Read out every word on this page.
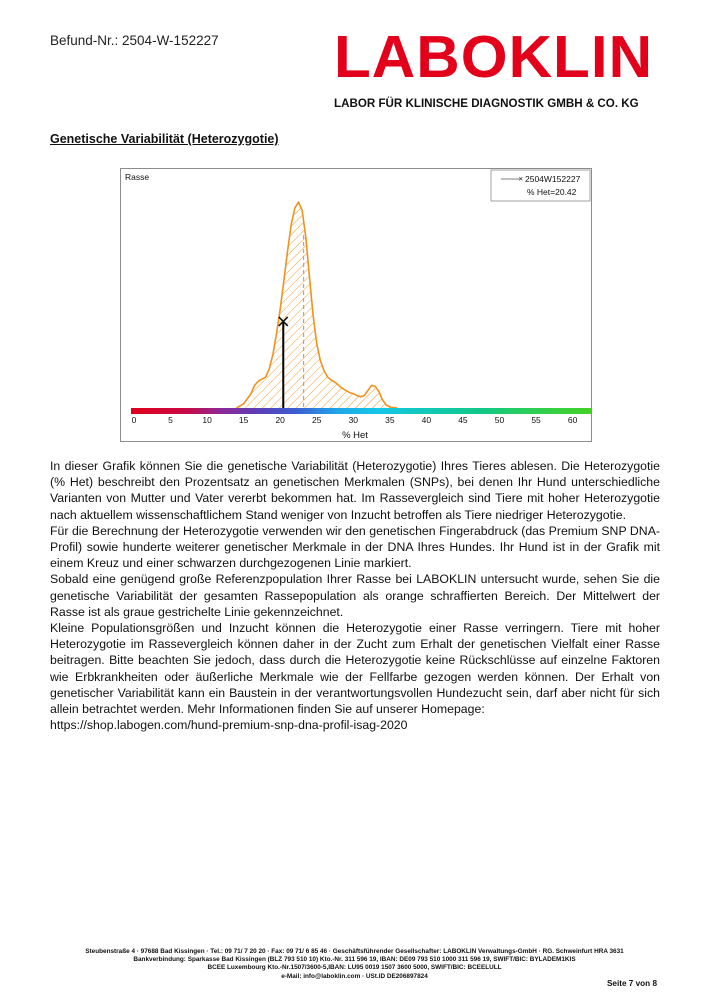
Befund-Nr.: 2504-W-152227 LABOKLIN
LABOR FÜR KLINISCHE DIAGNOSTIK GMBH & CO. KG
Genetische Variabilität (Heterozygotie)
Rasse	× 2504W152227
% Het=20.42
0	5	10	15	20	25	30	35	40	45	50	55	60
% Het

In dieser Grafik können Sie die genetische Variabilität (Heterozygotie) Ihres Tieres ablesen. Die Heterozygotie (% Het) beschreibt den Prozentsatz an genetischen Merkmalen (SNPs), bei denen Ihr Hund unterschiedliche Varianten von Mutter und Vater vererbt bekommen hat. Im Rassevergleich sind Tiere mit hoher Heterozygotie nach aktuellem wissenschaftlichem Stand weniger von Inzucht betroffen als Tiere niedriger Heterozygotie.

Für die Berechnung der Heterozygotie verwenden wir den genetischen Fingerabdruck (das Premium SNP DNA-Profil) sowie hunderte weiterer genetischer Merkmale in der DNA Ihres Hundes. Ihr Hund ist in der Grafik mit einem Kreuz und einer schwarzen durchgezogenen Linie markiert.

Sobald eine genügend große Referenzpopulation Ihrer Rasse bei LABOKLIN untersucht wurde, sehen Sie die genetische Variabilität der gesamten Rassepopulation als orange schraffierten Bereich. Der Mittelwert der Rasse ist als graue gestrichelte Linie gekennzeichnet.

Kleine Populationsgrößen und Inzucht können die Heterozygotie einer Rasse verringern. Tiere mit hoher Heterozygotie im Rassevergleich können daher in der Zucht zum Erhalt der genetischen Vielfalt einer Rasse beitragen. Bitte beachten Sie jedoch, dass durch die Heterozygotie keine Rückschlüsse auf einzelne Faktoren wie Erbkrankheiten oder äußerliche Merkmale wie der Fellfarbe gezogen werden können. Der Erhalt von genetischer Variabilität kann ein Baustein in der verantwortungsvollen Hundezucht sein, darf aber nicht für sich allein betrachtet werden. Mehr Informationen finden Sie auf unserer Homepage:

https://shop.labogen.com/hund-premium-snp-dna-profil-isag-2020

Steubenstraße 4 · 97688 Bad Kissingen · Tel.: 09 71/ 7 20 20 · Fax: 09 71/ 6 85 46 · Geschäftsführender Gesellschafter: LABOKLIN Verwaltungs-GmbH · RG. Schweinfurt HRA 3631
Bankverbindung: Sparkasse Bad Kissingen (BLZ 793 510 10) Kto.-Nr. 311 596 19, IBAN: DE09 793 510 1000 311 596 19, SWIFT/BIC: BYLADEM1KIS
BCEE Luxembourg Kto.-Nr.1507/3600-5,IBAN: LU95 0019 1507 3600 5000, SWIFT/BIC: BCEELULL
e-Mail: info@laboklin.com · USt.ID DE206897824
Seite 7 von 8
